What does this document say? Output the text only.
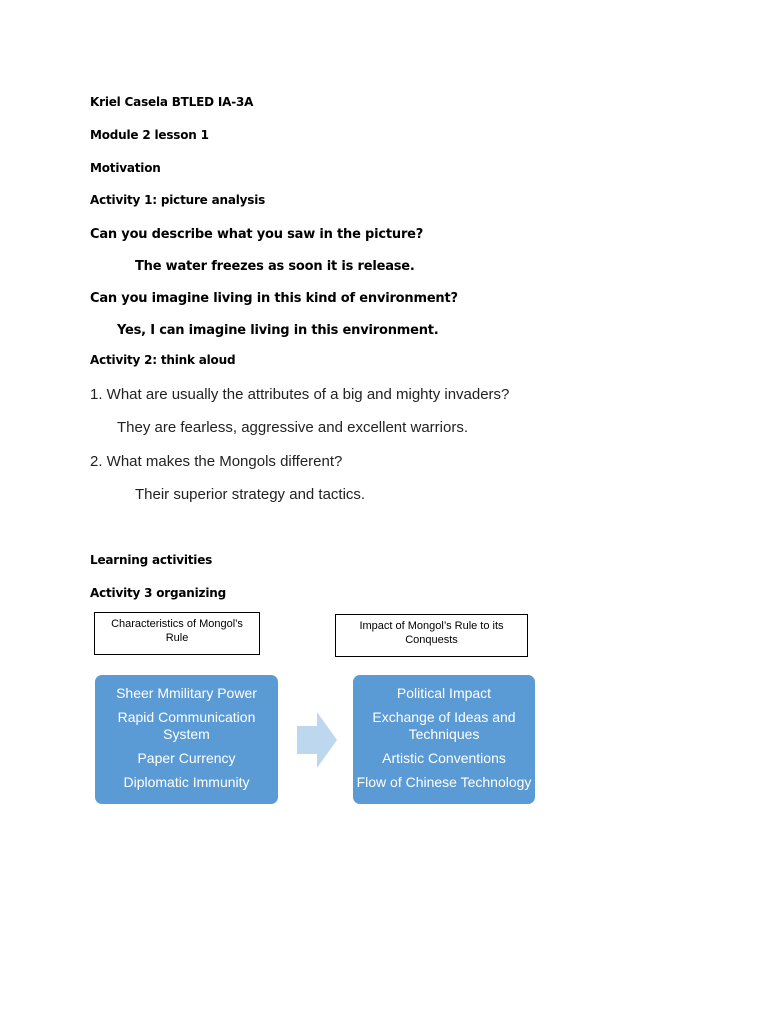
Kriel Casela BTLED IA-3A
Module 2 lesson 1
Motivation
Activity 1: picture analysis
Can you describe what you saw in the picture?
The water freezes as soon it is release.
Can you imagine living in this kind of environment?
Yes, I can imagine living in this environment.
Activity 2: think aloud
1. What are usually the attributes of a big and mighty invaders?
They are fearless, aggressive and excellent warriors.
2. What makes the Mongols different?
Their superior strategy and tactics.
Learning activities
Activity 3 organizing
Characteristics of Mongol’s
Rule
Impact of Mongol’s Rule to its
Conquests
Sheer Mmilitary Power
Rapid Communication System
Paper Currency
Diplomatic Immunity
Political Impact
Exchange of Ideas and Techniques
Artistic Conventions
Flow of Chinese Technology
